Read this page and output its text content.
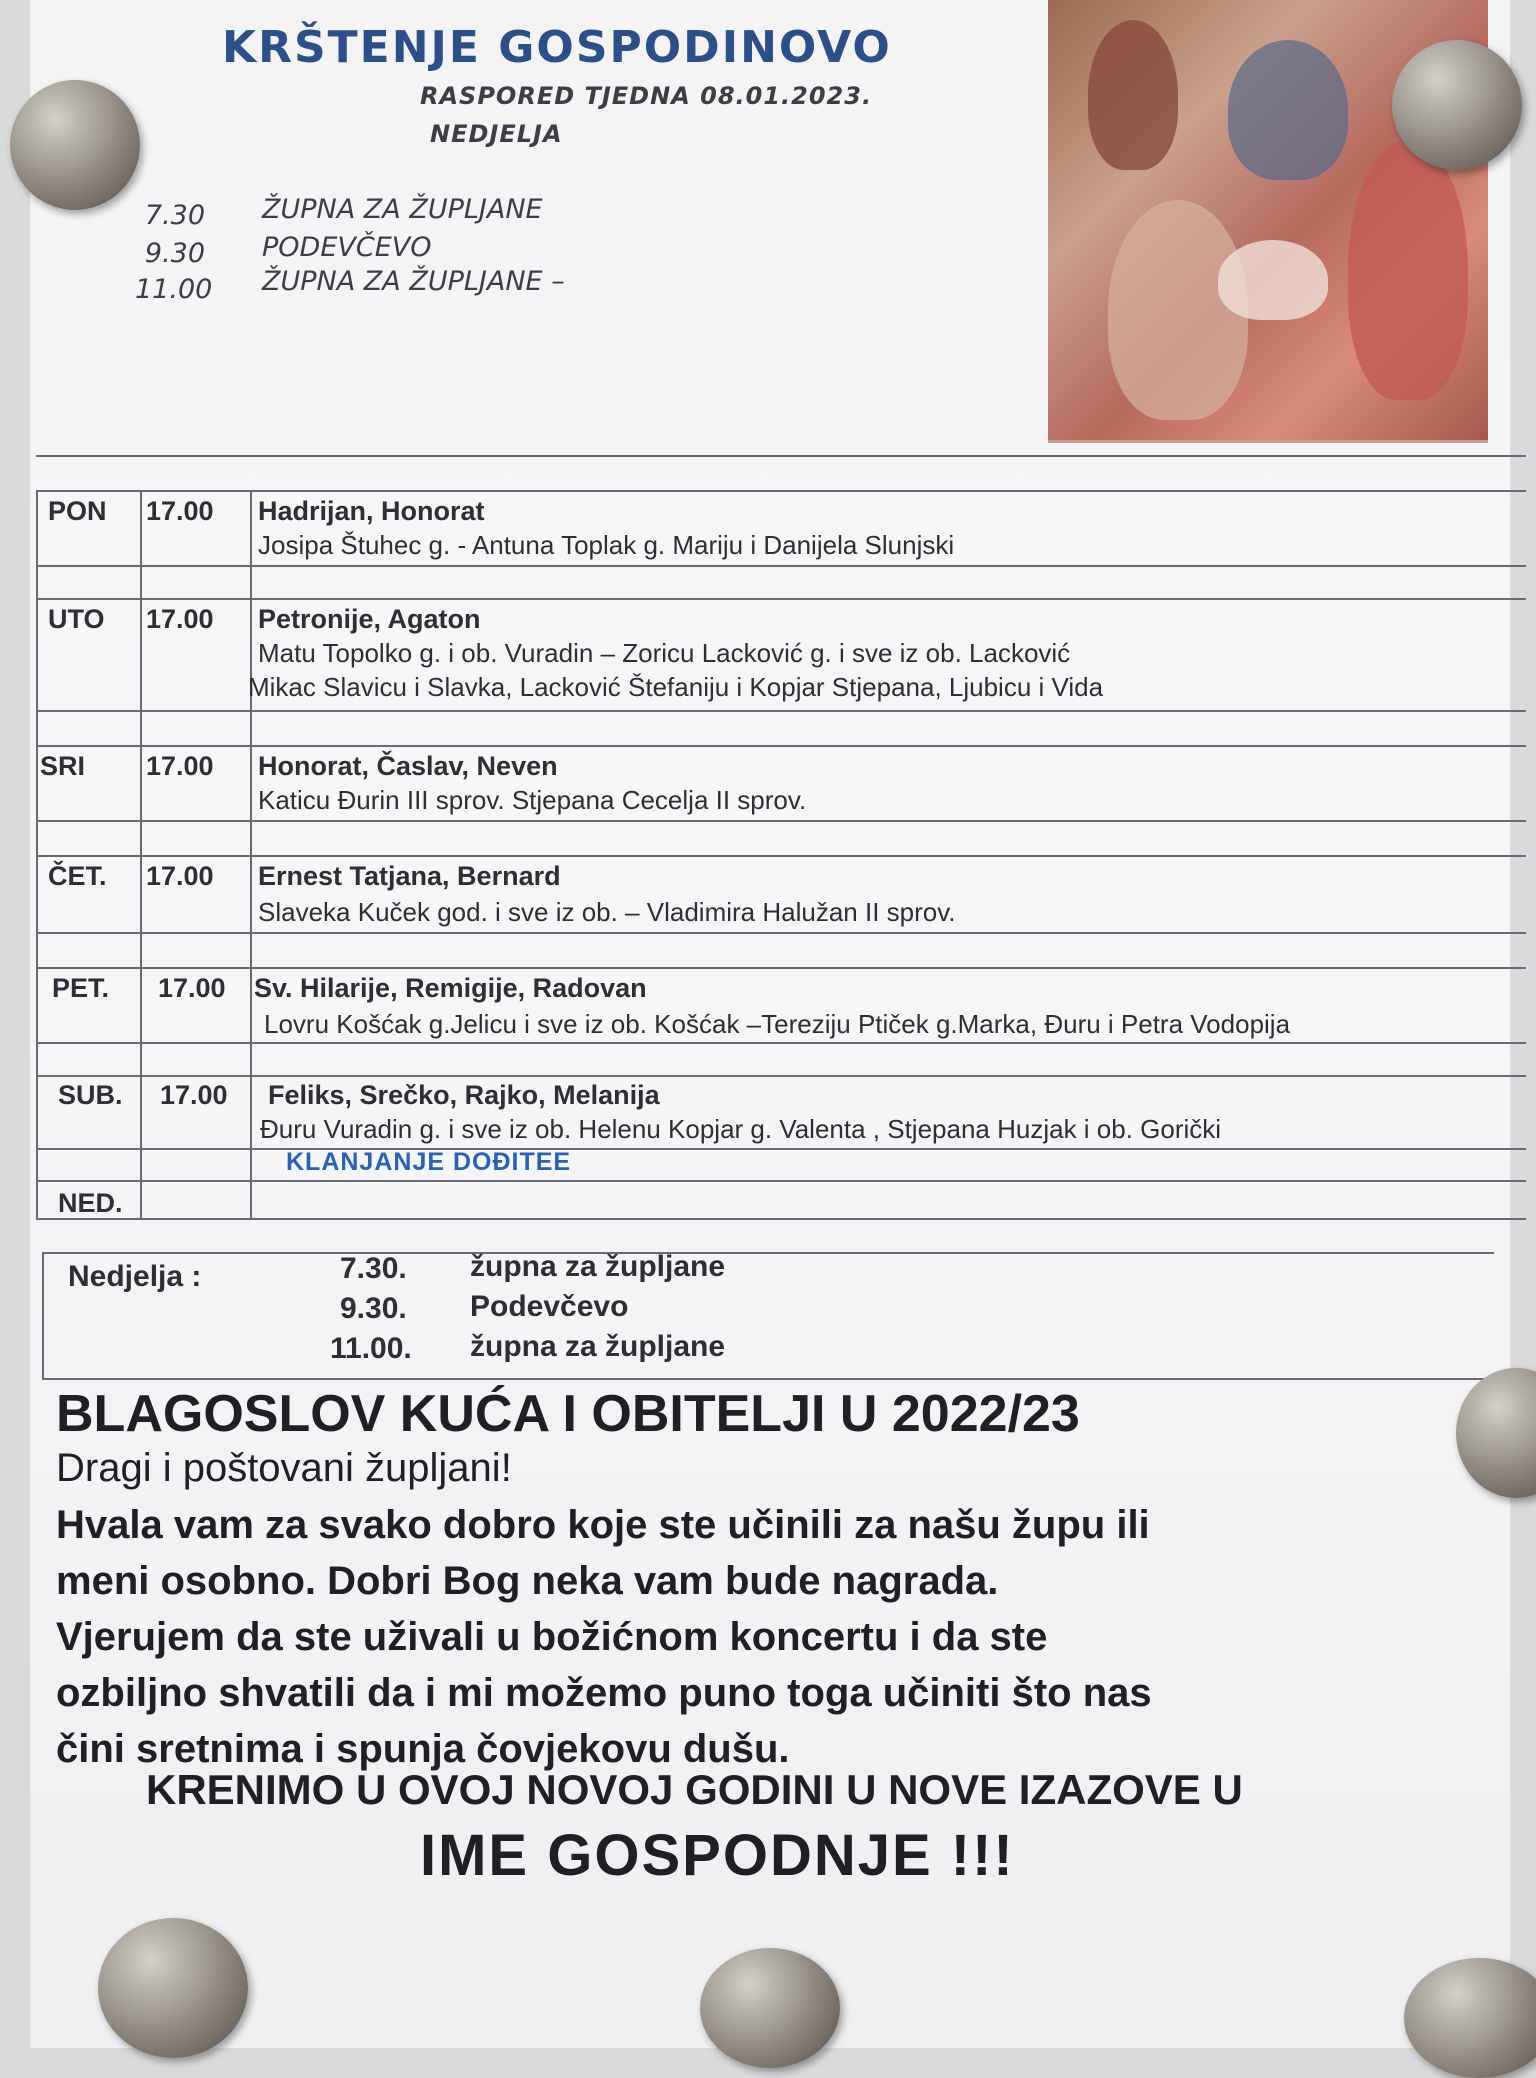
KRŠTENJE GOSPODINOVO
RASPORED TJEDNA 08.01.2023.
NEDJELJA
7.30 ŽUPNA ZA ŽUPLJANE
9.30 PODEVČEVO
11.00 ŽUPNA ZA ŽUPLJANE –
PON 17.00 Hadrijan, Honorat
Josipa Štuhec g. - Antuna Toplak g. Mariju i Danijela Slunjski
UTO 17.00 Petronije, Agaton
Matu Topolko g. i ob. Vuradin – Zoricu Lacković g. i sve iz ob. Lacković
Mikac Slavicu i Slavka, Lacković Štefaniju i Kopjar Stjepana, Ljubicu i Vida
SRI 17.00 Honorat, Časlav, Neven
Katicu Đurin III sprov. Stjepana Cecelja II sprov.
ČET. 17.00 Ernest Tatjana, Bernard
Slaveka Kuček god. i sve iz ob. – Vladimira Halužan II sprov.
PET. 17.00 Sv. Hilarije, Remigije, Radovan
Lovru Košćak g.Jelicu i sve iz ob. Košćak –Tereziju Ptiček g.Marka, Đuru i Petra Vodopija
SUB. 17.00 Feliks, Srečko, Rajko, Melanija
Đuru Vuradin g. i sve iz ob. Helenu Kopjar g. Valenta , Stjepana Huzjak i ob. Gorički
KLANJANJE DOĐITEE
NED.
Nedjelja :	7.30. župna za župljane
9.30. Podevčevo
11.00. župna za župljane
BLAGOSLOV KUĆA I OBITELJI U 2022/23
Dragi i poštovani župljani!
Hvala vam za svako dobro koje ste učinili za našu župu ili
meni osobno. Dobri Bog neka vam bude nagrada.
Vjerujem da ste uživali u božićnom koncertu i da ste
ozbiljno shvatili da i mi možemo puno toga učiniti što nas
čini sretnima i spunja čovjekovu dušu.
KRENIMO U OVOJ NOVOJ GODINI U NOVE IZAZOVE U
IME GOSPODNJE !!!
